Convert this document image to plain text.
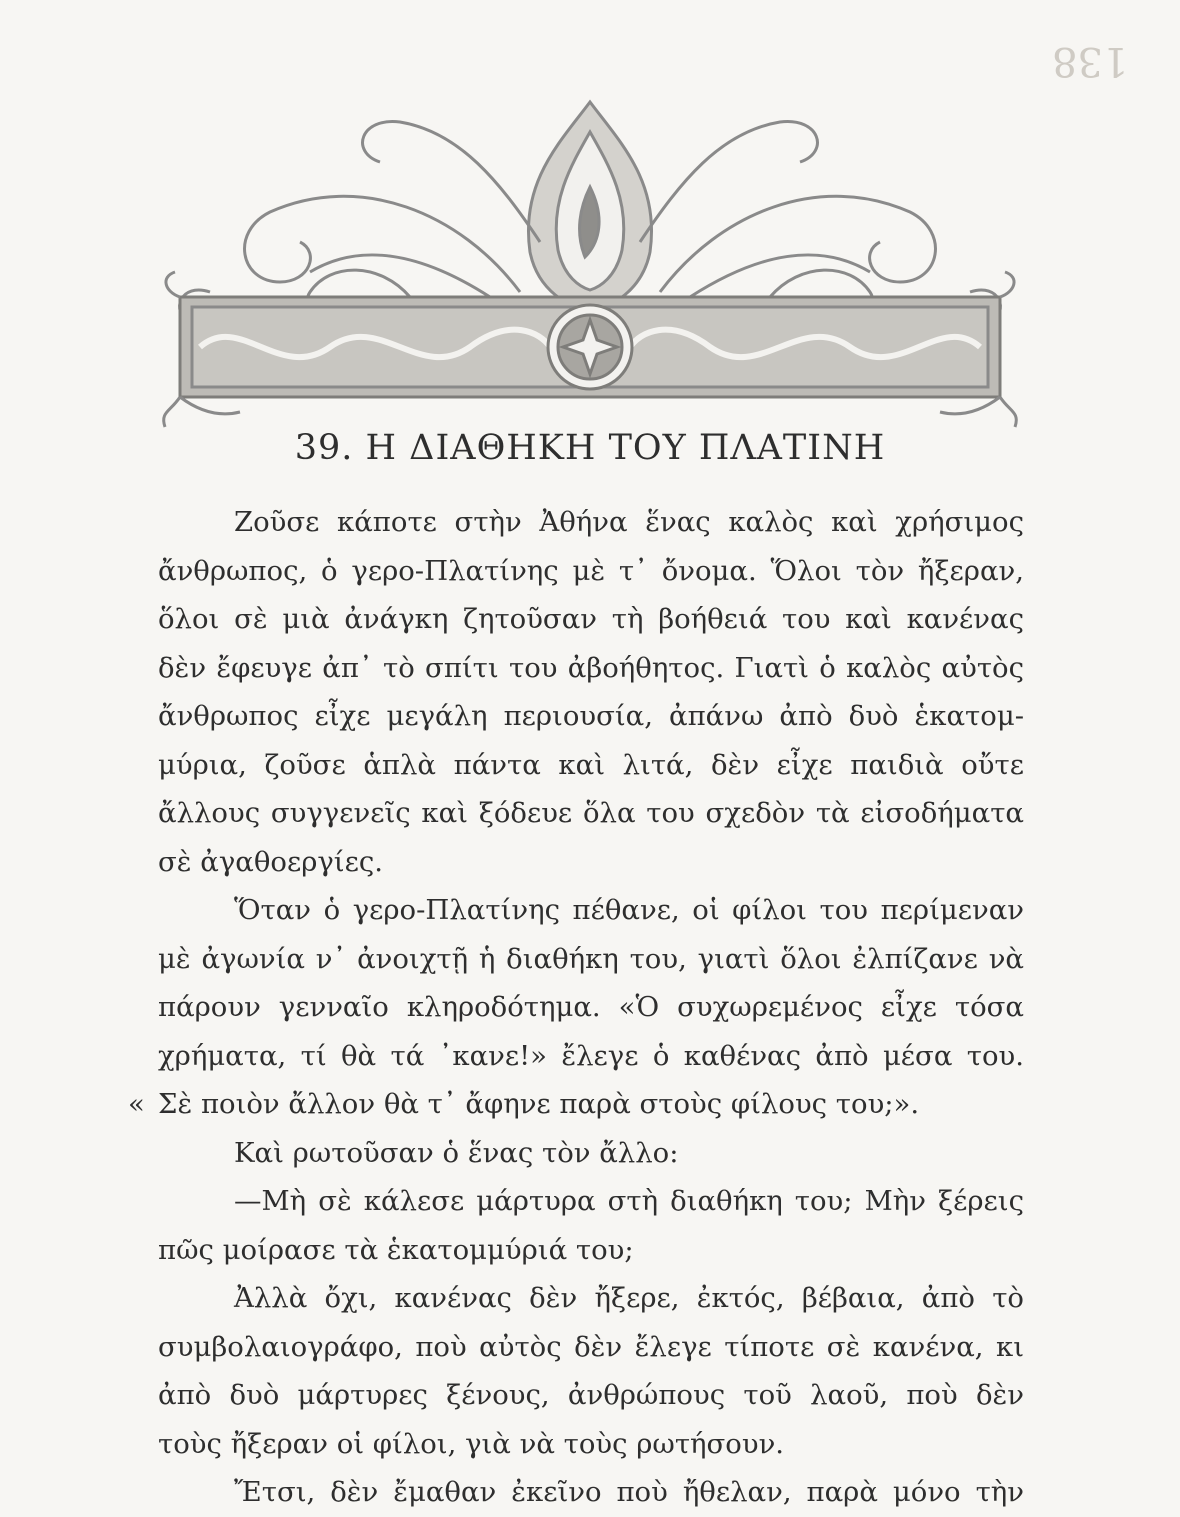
138
39. Η ΔΙΑΘΗΚΗ ΤΟΥ ΠΛΑΤΙΝΗ
Ζοῦσε κάποτε στὴν Ἀθήνα ἕνας καλὸς καὶ χρήσιμος
ἄνθρωπος, ὁ γερο-Πλατίνης μὲ τ᾽ ὄνομα. Ὅλοι τὸν ἤξεραν,
ὅλοι σὲ μιὰ ἀνάγκη ζητοῦσαν τὴ βοήθειά του καὶ κανένας
δὲν ἔφευγε ἀπ᾽ τὸ σπίτι του ἀβοήθητος. Γιατὶ ὁ καλὸς αὐτὸς
ἄνθρωπος εἶχε μεγάλη περιουσία, ἀπάνω ἀπὸ δυὸ ἑκατομ-
μύρια, ζοῦσε ἁπλὰ πάντα καὶ λιτά, δὲν εἶχε παιδιὰ οὔτε
ἄλλους συγγενεῖς καὶ ξόδευε ὅλα του σχεδὸν τὰ εἰσοδήματα
σὲ ἀγαθοεργίες.
Ὅταν ὁ γερο-Πλατίνης πέθανε, οἱ φίλοι του περίμεναν
μὲ ἀγωνία ν᾽ ἀνοιχτῇ ἡ διαθήκη του, γιατὶ ὅλοι ἐλπίζανε νὰ
πάρουν γενναῖο κληροδότημα. «Ὁ συχωρεμένος εἶχε τόσα
χρήματα, τί θὰ τά ᾽κανε!» ἔλεγε ὁ καθένας ἀπὸ μέσα του.
« Σὲ ποιὸν ἄλλον θὰ τ᾽ ἄφηνε παρὰ στοὺς φίλους του;».
Καὶ ρωτοῦσαν ὁ ἕνας τὸν ἄλλο:
—Μὴ σὲ κάλεσε μάρτυρα στὴ διαθήκη του; Μὴν ξέρεις
πῶς μοίρασε τὰ ἑκατομμύριά του;
Ἀλλὰ ὄχι, κανένας δὲν ἤξερε, ἐκτός, βέβαια, ἀπὸ τὸ
συμβολαιογράφο, ποὺ αὐτὸς δὲν ἔλεγε τίποτε σὲ κανένα, κι
ἀπὸ δυὸ μάρτυρες ξένους, ἀνθρώπους τοῦ λαοῦ, ποὺ δὲν
τοὺς ἤξεραν οἱ φίλοι, γιὰ νὰ τοὺς ρωτήσουν.
Ἔτσι, δὲν ἔμαθαν ἐκεῖνο ποὺ ἤθελαν, παρὰ μόνο τὴν
